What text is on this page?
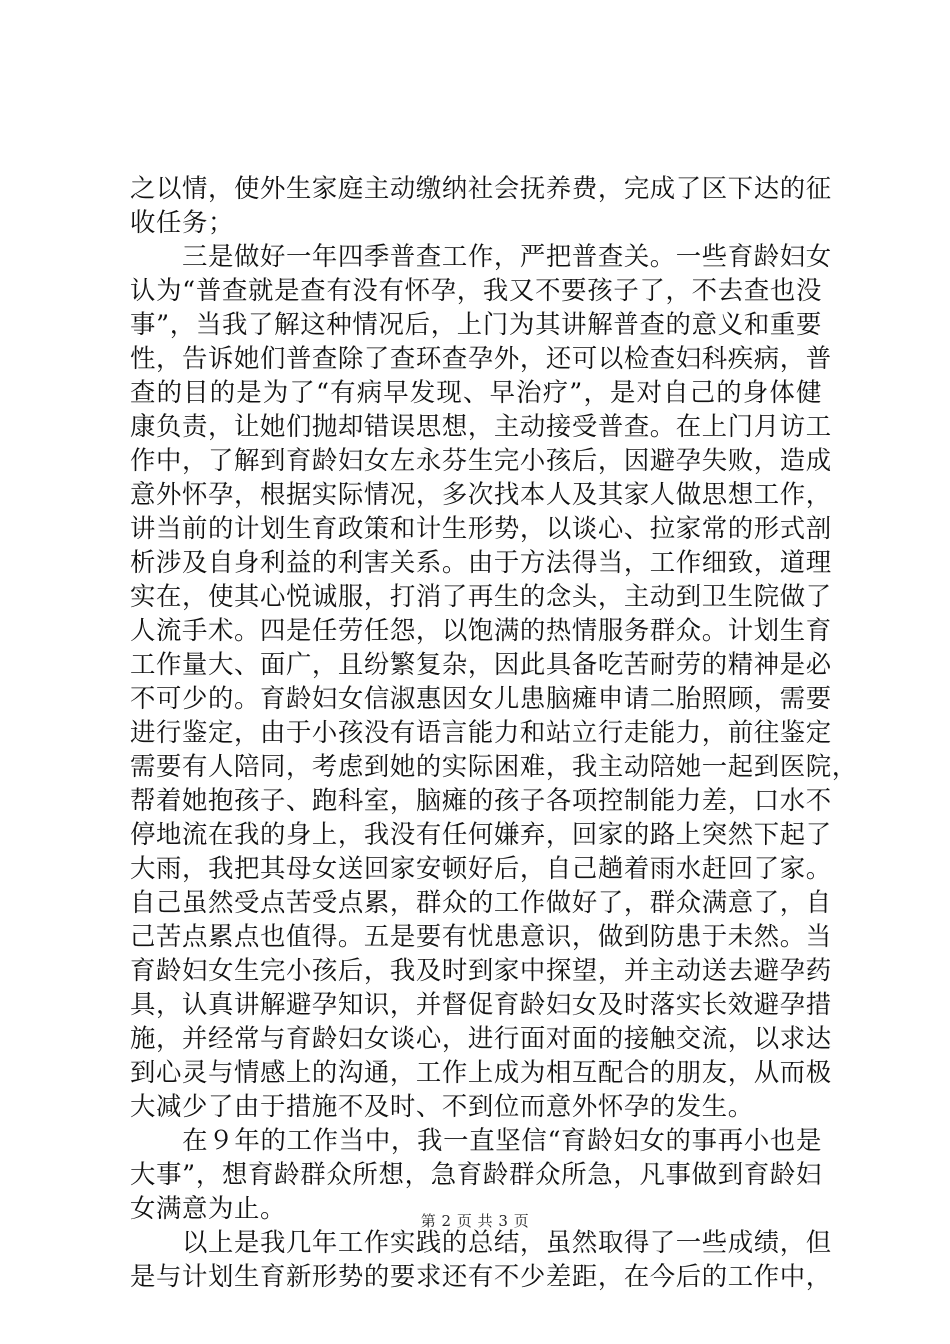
之以情，使外生家庭主动缴纳社会抚养费，完成了区下达的征
收任务；
　　三是做好一年四季普查工作，严把普查关。一些育龄妇女
认为“普查就是查有没有怀孕，我又不要孩子了，不去查也没
事”，当我了解这种情况后，上门为其讲解普查的意义和重要
性，告诉她们普查除了查环查孕外，还可以检查妇科疾病，普
查的目的是为了“有病早发现、早治疗”，是对自己的身体健
康负责，让她们抛却错误思想，主动接受普查。在上门月访工
作中，了解到育龄妇女左永芬生完小孩后，因避孕失败，造成
意外怀孕，根据实际情况，多次找本人及其家人做思想工作，
讲当前的计划生育政策和计生形势，以谈心、拉家常的形式剖
析涉及自身利益的利害关系。由于方法得当，工作细致，道理
实在，使其心悦诚服，打消了再生的念头，主动到卫生院做了
人流手术。四是任劳任怨，以饱满的热情服务群众。计划生育
工作量大、面广，且纷繁复杂，因此具备吃苦耐劳的精神是必
不可少的。育龄妇女信淑惠因女儿患脑瘫申请二胎照顾，需要
进行鉴定，由于小孩没有语言能力和站立行走能力，前往鉴定
需要有人陪同，考虑到她的实际困难，我主动陪她一起到医院，
帮着她抱孩子、跑科室，脑瘫的孩子各项控制能力差，口水不
停地流在我的身上，我没有任何嫌弃，回家的路上突然下起了
大雨，我把其母女送回家安顿好后，自己趟着雨水赶回了家。
自己虽然受点苦受点累，群众的工作做好了，群众满意了，自
己苦点累点也值得。五是要有忧患意识，做到防患于未然。当
育龄妇女生完小孩后，我及时到家中探望，并主动送去避孕药
具，认真讲解避孕知识，并督促育龄妇女及时落实长效避孕措
施，并经常与育龄妇女谈心，进行面对面的接触交流，以求达
到心灵与情感上的沟通，工作上成为相互配合的朋友，从而极
大减少了由于措施不及时、不到位而意外怀孕的发生。
　　在９年的工作当中，我一直坚信“育龄妇女的事再小也是
大事”，想育龄群众所想，急育龄群众所急，凡事做到育龄妇
女满意为止。
　　以上是我几年工作实践的总结，虽然取得了一些成绩，但
是与计划生育新形势的要求还有不少差距，在今后的工作中，
第 2 页 共 3 页
